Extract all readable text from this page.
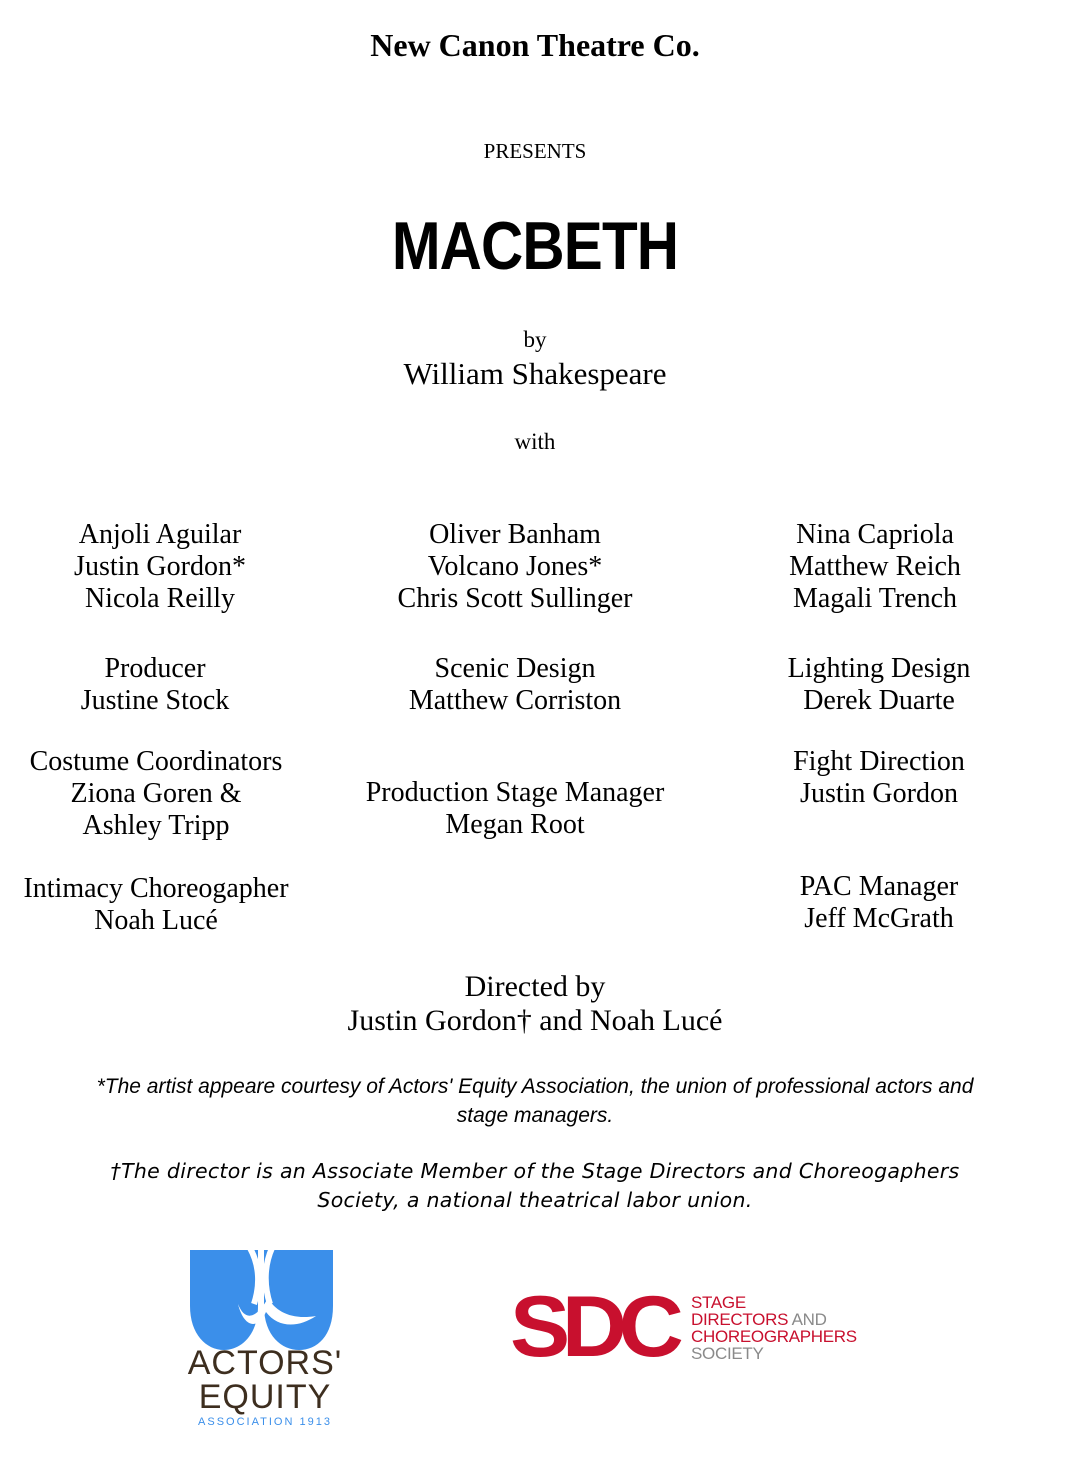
New Canon Theatre Co.
PRESENTS
MACBETH
by
William Shakespeare
with
Anjoli Aguilar
Justin Gordon*
Nicola Reilly
Oliver Banham
Volcano Jones*
Chris Scott Sullinger
Nina Capriola
Matthew Reich
Magali Trench
Producer
Justine Stock
Scenic Design
Matthew Corriston
Lighting Design
Derek Duarte
Costume Coordinators
Ziona Goren &
Ashley Tripp
Production Stage Manager
Megan Root
Fight Direction
Justin Gordon
Intimacy Choreogapher
Noah Lucé
PAC Manager
Jeff McGrath
Directed by
Justin Gordon† and Noah Lucé
*The artist appeare courtesy of Actors' Equity Association, the union of professional actors and
stage managers.
†The director is an Associate Member of the Stage Directors and Choreogaphers
Society, a national theatrical labor union.
ACTORS'
EQUITY
ASSOCIATION 1913
SDC STAGE
DIRECTORS AND
CHOREOGRAPHERS
SOCIETY
